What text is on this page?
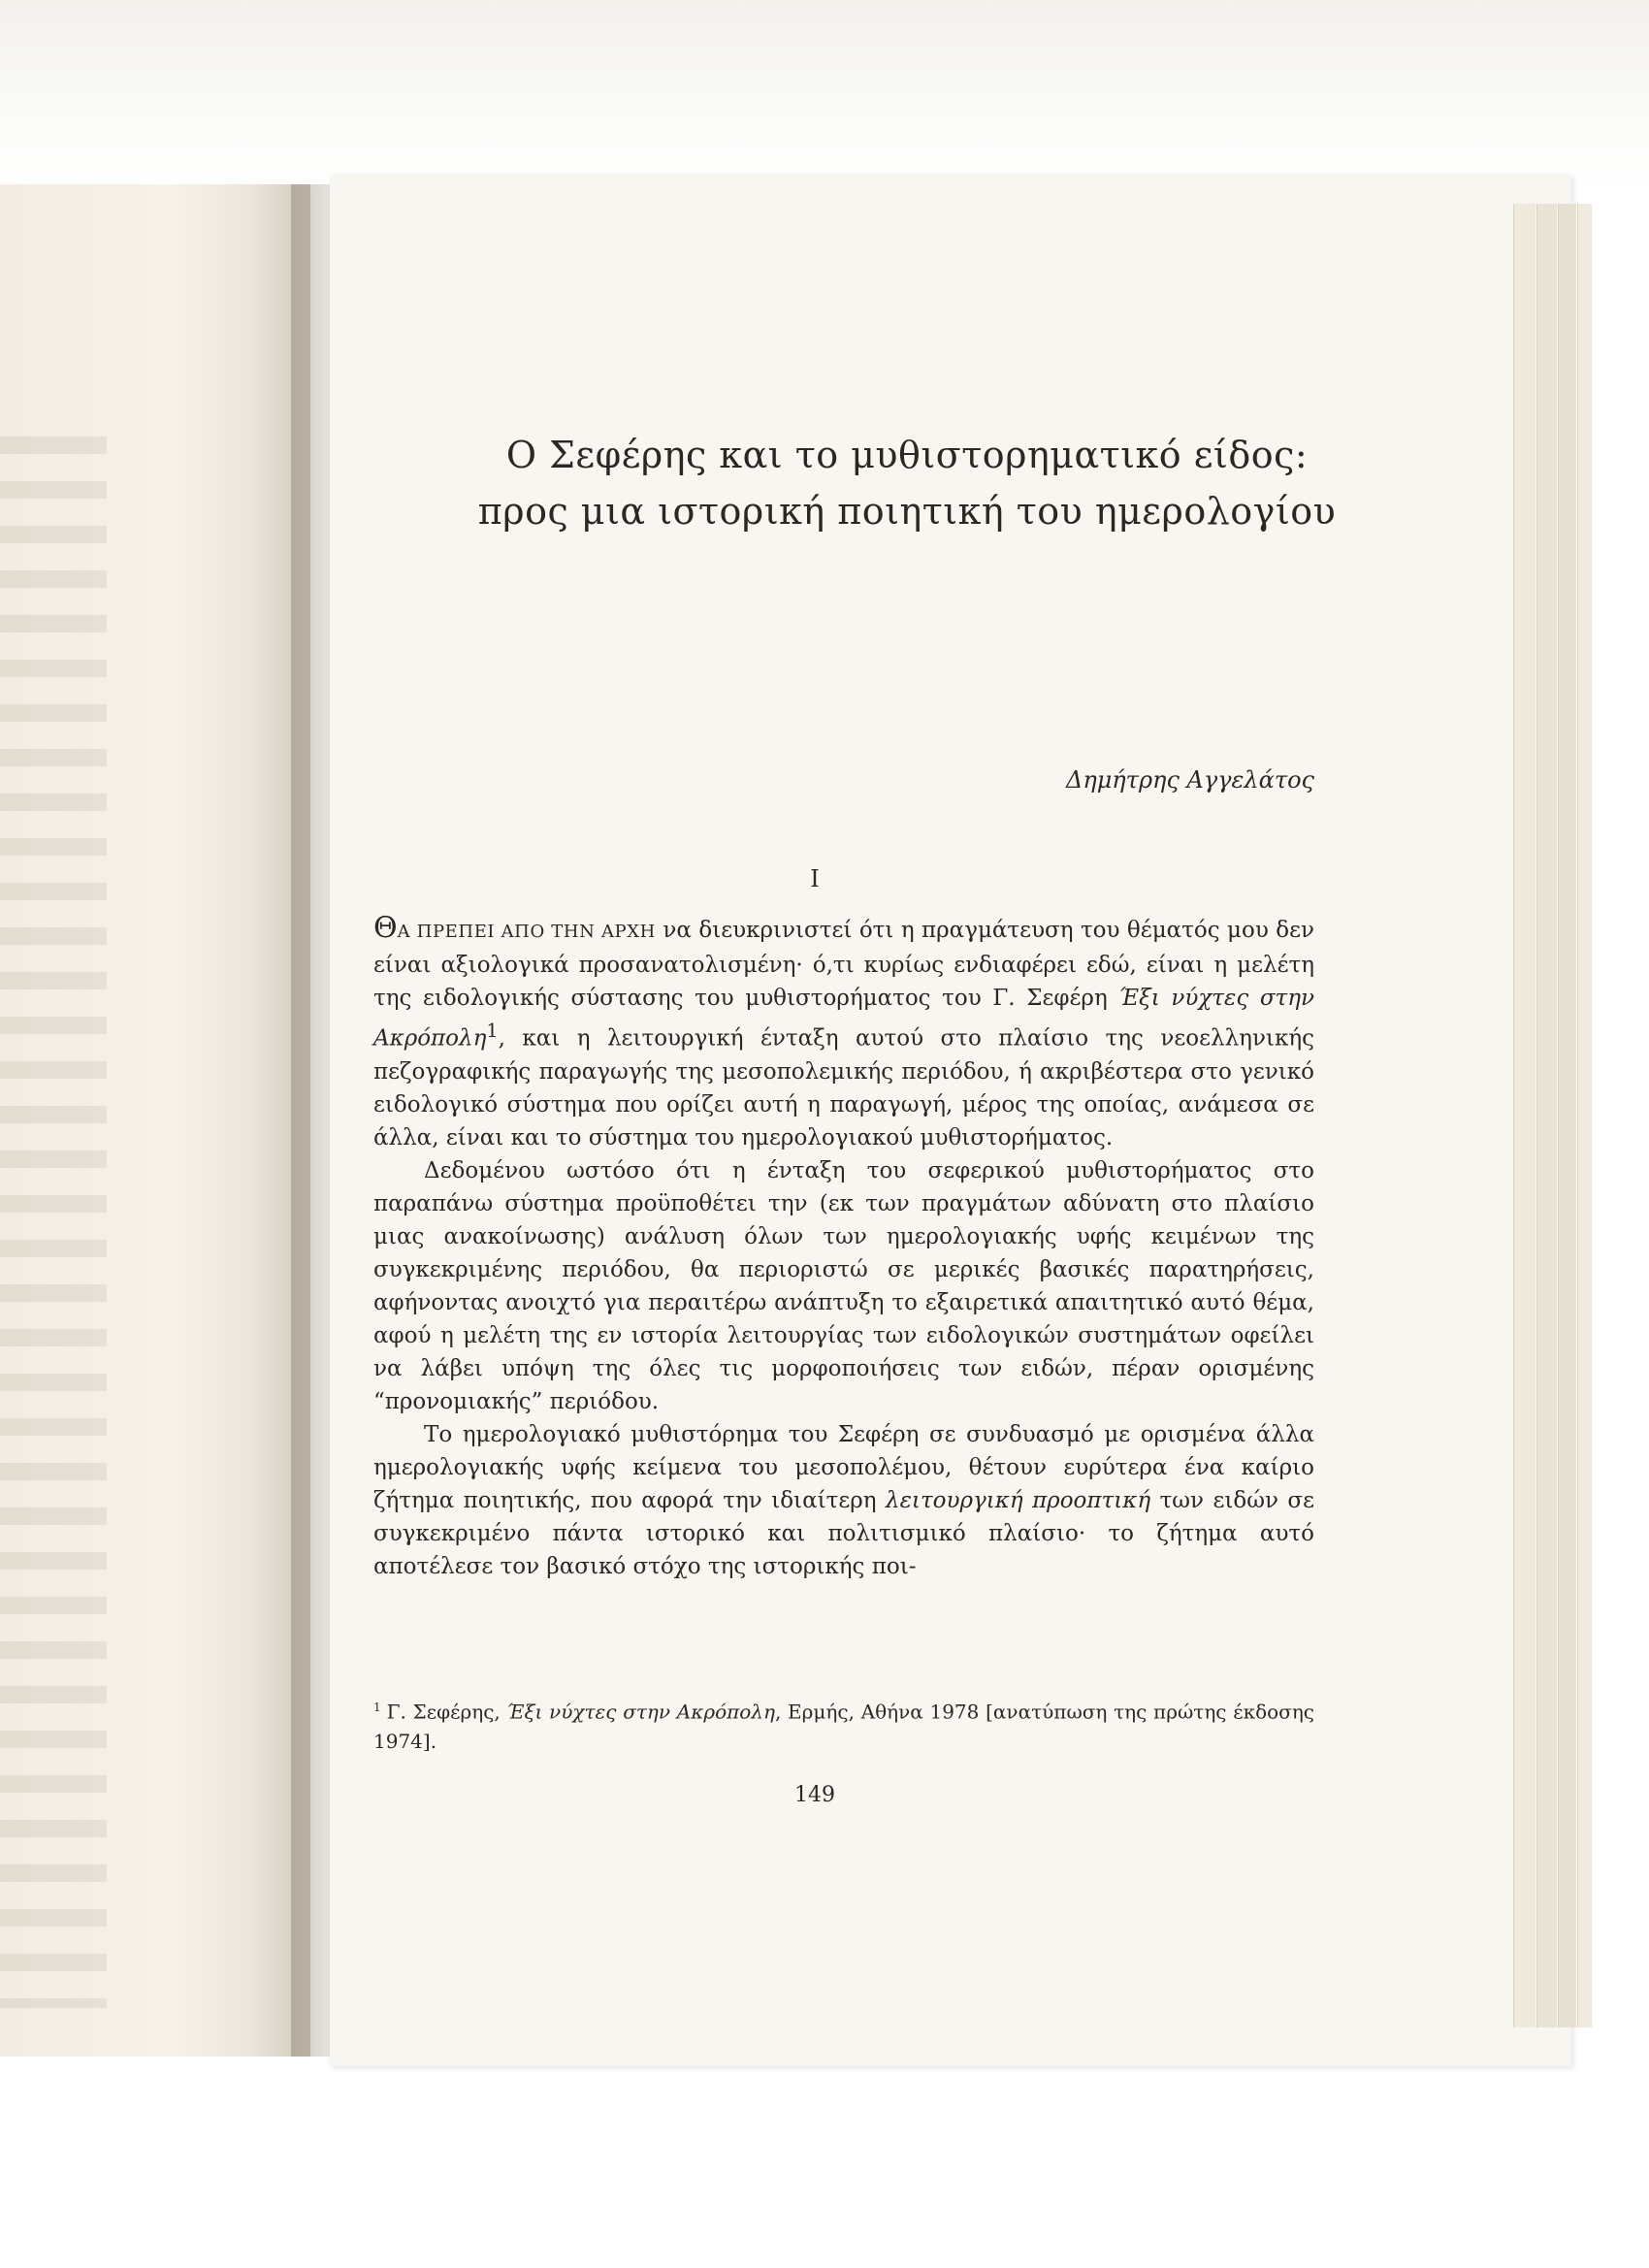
Ο Σεφέρης και το μυθιστορηματικό είδος:
προς μια ιστορική ποιητική του ημερολογίου
Δημήτρης Αγγελάτος
I

ΘΑ ΠΡΕΠΕΙ ΑΠΟ ΤΗΝ ΑΡΧΗ να διευκρινιστεί ότι η πραγμάτευση του θέματός μου δεν είναι αξιολογικά προσανατολισμένη· ό,τι κυρίως ενδιαφέρει εδώ, είναι η μελέτη της ειδολογικής σύστασης του μυθιστορήματος του Γ. Σεφέρη Έξι νύχτες στην Ακρόπολη$^1$, και η λειτουργική ένταξη αυτού στο πλαίσιο της νεοελληνικής πεζογραφικής παραγωγής της μεσοπολεμικής περιόδου, ή ακριβέστερα στο γενικό ειδολογικό σύστημα που ορίζει αυτή η παραγωγή, μέρος της οποίας, ανάμεσα σε άλλα, είναι και το σύστημα του ημερολογιακού μυθιστορήματος.

Δεδομένου ωστόσο ότι η ένταξη του σεφερικού μυθιστορήματος στο παραπάνω σύστημα προϋποθέτει την (εκ των πραγμάτων αδύνατη στο πλαίσιο μιας ανακοίνωσης) ανάλυση όλων των ημερολογιακής υφής κειμένων της συγκεκριμένης περιόδου, θα περιοριστώ σε μερικές βασικές παρατηρήσεις, αφήνοντας ανοιχτό για περαιτέρω ανάπτυξη το εξαιρετικά απαιτητικό αυτό θέμα, αφού η μελέτη της εν ιστορία λειτουργίας των ειδολογικών συστημάτων οφείλει να λάβει υπόψη της όλες τις μορφοποιήσεις των ειδών, πέραν ορισμένης “προνομιακής” περιόδου.

Το ημερολογιακό μυθιστόρημα του Σεφέρη σε συνδυασμό με ορισμένα άλλα ημερολογιακής υφής κείμενα του μεσοπολέμου, θέτουν ευρύτερα ένα καίριο ζήτημα ποιητικής, που αφορά την ιδιαίτερη λειτουργική προοπτική των ειδών σε συγκεκριμένο πάντα ιστορικό και πολιτισμικό πλαίσιο· το ζήτημα αυτό αποτέλεσε τον βασικό στόχο της ιστορικής ποι-

$^1$ Γ. Σεφέρης, Έξι νύχτες στην Ακρόπολη, Ερμής, Αθήνα 1978 [ανατύπωση της πρώτης έκδοσης 1974].
149
